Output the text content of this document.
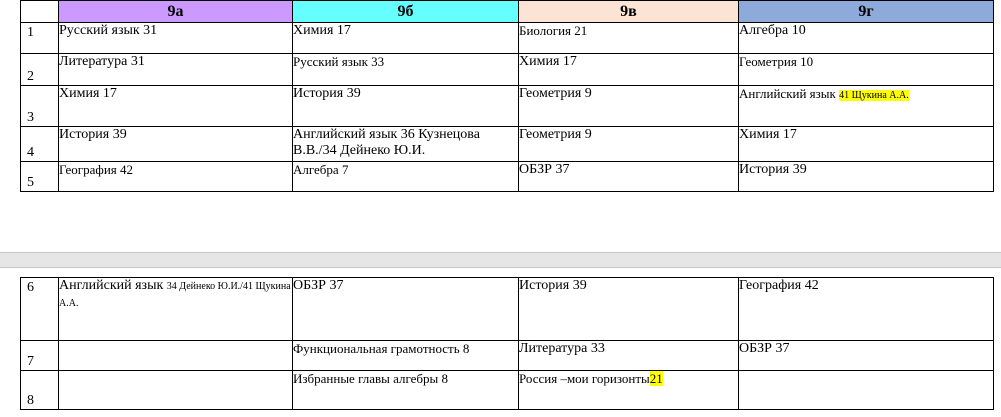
	9а	9б	9в	9г

1	Русский язык 31	Химия 17	Биология 21	Алгебра 10

2	Литература 31	Русский язык 33	Химия 17	Геометрия 10

3	Химия 17	История 39	Геометрия 9	Английский язык 41 Щукина А.А.

4	История 39	Английский язык 36 Кузнецова В.В./34 Дейнеко Ю.И.	Геометрия 9	Химия 17

5	География 42	Алгебра 7	ОБЗР 37	История 39
6	Английский язык 34 Дейнеко Ю.И./41 Щукина А.А.	ОБЗР 37	История 39	География 42

7		Функциональная грамотность 8	Литература 33	ОБЗР 37

8		Избранные главы алгебры 8	Россия –мои горизонты21	
